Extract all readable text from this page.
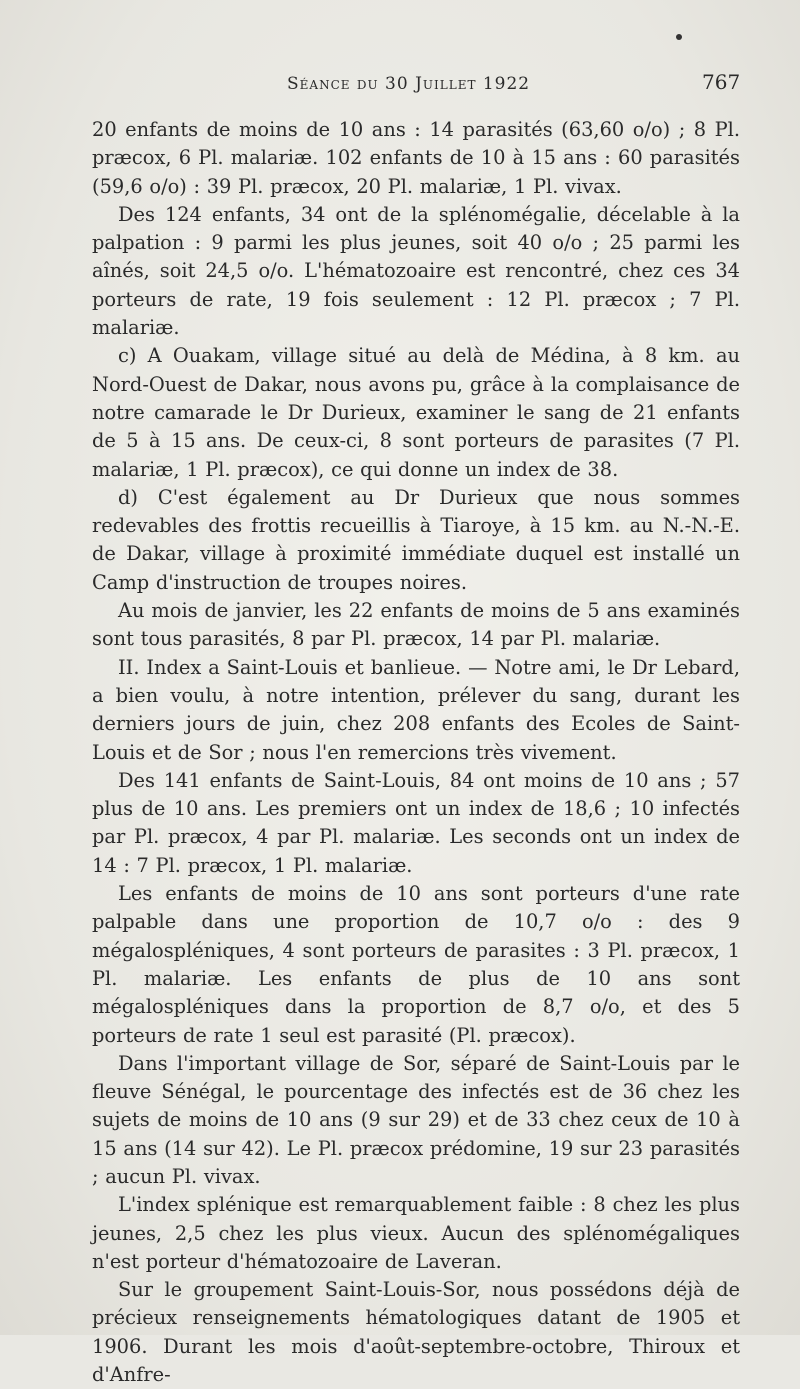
Séance du 30 Juillet 1922	767

20 enfants de moins de 10 ans : 14 parasités (63,60 o/o) ; 8 Pl. præcox, 6 Pl. malariæ. 102 enfants de 10 à 15 ans : 60 parasités (59,6 o/o) : 39 Pl. præcox, 20 Pl. malariæ, 1 Pl. vivax.

Des 124 enfants, 34 ont de la splénomégalie, décelable à la palpation : 9 parmi les plus jeunes, soit 40 o/o ; 25 parmi les aînés, soit 24,5 o/o. L'hématozoaire est rencontré, chez ces 34 porteurs de rate, 19 fois seulement : 12 Pl. præcox ; 7 Pl. malariæ.

c) A Ouakam, village situé au delà de Médina, à 8 km. au Nord-Ouest de Dakar, nous avons pu, grâce à la complaisance de notre camarade le Dr Durieux, examiner le sang de 21 enfants de 5 à 15 ans. De ceux-ci, 8 sont porteurs de parasites (7 Pl. malariæ, 1 Pl. præcox), ce qui donne un index de 38.

d) C'est également au Dr Durieux que nous sommes redevables des frottis recueillis à Tiaroye, à 15 km. au N.-N.-E. de Dakar, village à proximité immédiate duquel est installé un Camp d'instruction de troupes noires.

Au mois de janvier, les 22 enfants de moins de 5 ans examinés sont tous parasités, 8 par Pl. præcox, 14 par Pl. malariæ.

II. Index a Saint-Louis et banlieue. — Notre ami, le Dr Lebard, a bien voulu, à notre intention, prélever du sang, durant les derniers jours de juin, chez 208 enfants des Ecoles de Saint-Louis et de Sor ; nous l'en remercions très vivement.

Des 141 enfants de Saint-Louis, 84 ont moins de 10 ans ; 57 plus de 10 ans. Les premiers ont un index de 18,6 ; 10 infectés par Pl. præcox, 4 par Pl. malariæ. Les seconds ont un index de 14 : 7 Pl. præcox, 1 Pl. malariæ.

Les enfants de moins de 10 ans sont porteurs d'une rate palpable dans une proportion de 10,7 o/o : des 9 mégalospléniques, 4 sont porteurs de parasites : 3 Pl. præcox, 1 Pl. malariæ. Les enfants de plus de 10 ans sont mégalospléniques dans la proportion de 8,7 o/o, et des 5 porteurs de rate 1 seul est parasité (Pl. præcox).

Dans l'important village de Sor, séparé de Saint-Louis par le fleuve Sénégal, le pourcentage des infectés est de 36 chez les sujets de moins de 10 ans (9 sur 29) et de 33 chez ceux de 10 à 15 ans (14 sur 42). Le Pl. præcox prédomine, 19 sur 23 parasités ; aucun Pl. vivax.

L'index splénique est remarquablement faible : 8 chez les plus jeunes, 2,5 chez les plus vieux. Aucun des splénomégaliques n'est porteur d'hématozoaire de Laveran.

Sur le groupement Saint-Louis-Sor, nous possédons déjà de précieux renseignements hématologiques datant de 1905 et 1906. Durant les mois d'août-septembre-octobre, Thiroux et d'Anfre-
